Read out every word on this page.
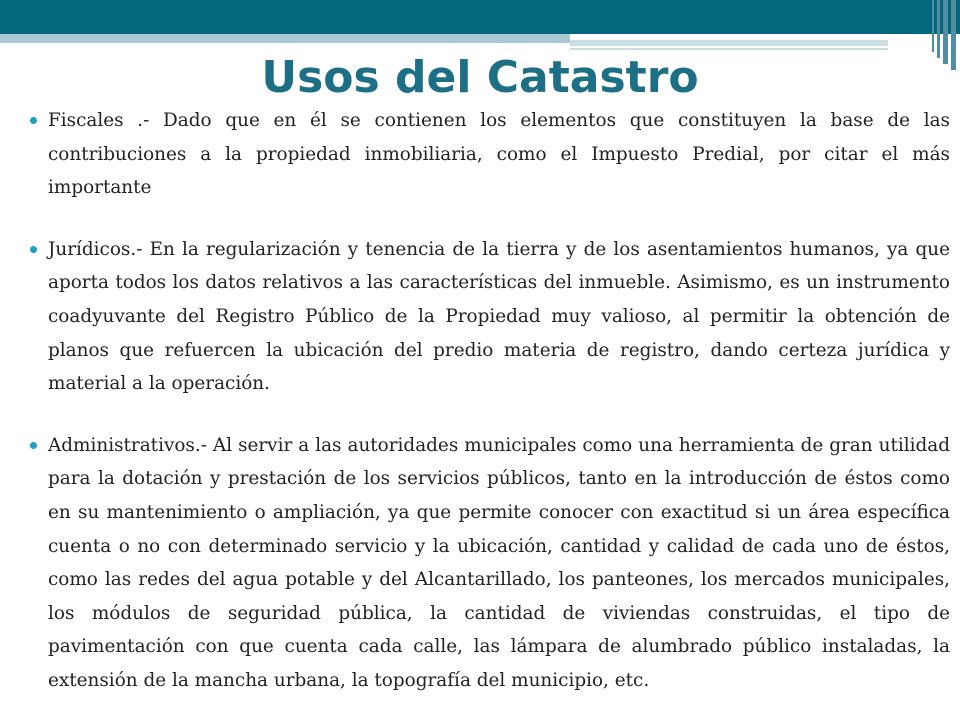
Usos del Catastro
Fiscales .- Dado que en él se contienen los elementos que constituyen la base de las contribuciones a la propiedad inmobiliaria, como el Impuesto Predial, por citar el más importante
Jurídicos.- En la regularización y tenencia de la tierra y de los asentamientos humanos, ya que aporta todos los datos relativos a las características del inmueble. Asimismo, es un instrumento coadyuvante del Registro Público de la Propiedad muy valioso, al permitir la obtención de planos que refuercen la ubicación del predio materia de registro, dando certeza jurídica y material a la operación.
Administrativos.- Al servir a las autoridades municipales como una herramienta de gran utilidad para la dotación y prestación de los servicios públicos, tanto en la introducción de éstos como en su mantenimiento o ampliación, ya que permite conocer con exactitud si un área específica cuenta o no con determinado servicio y la ubicación, cantidad y calidad de cada uno de éstos, como las redes del agua potable y del Alcantarillado, los panteones, los mercados municipales, los módulos de seguridad pública, la cantidad de viviendas construidas, el tipo de pavimentación con que cuenta cada calle, las lámpara de alumbrado público instaladas, la extensión de la mancha urbana, la topografía del municipio, etc.
